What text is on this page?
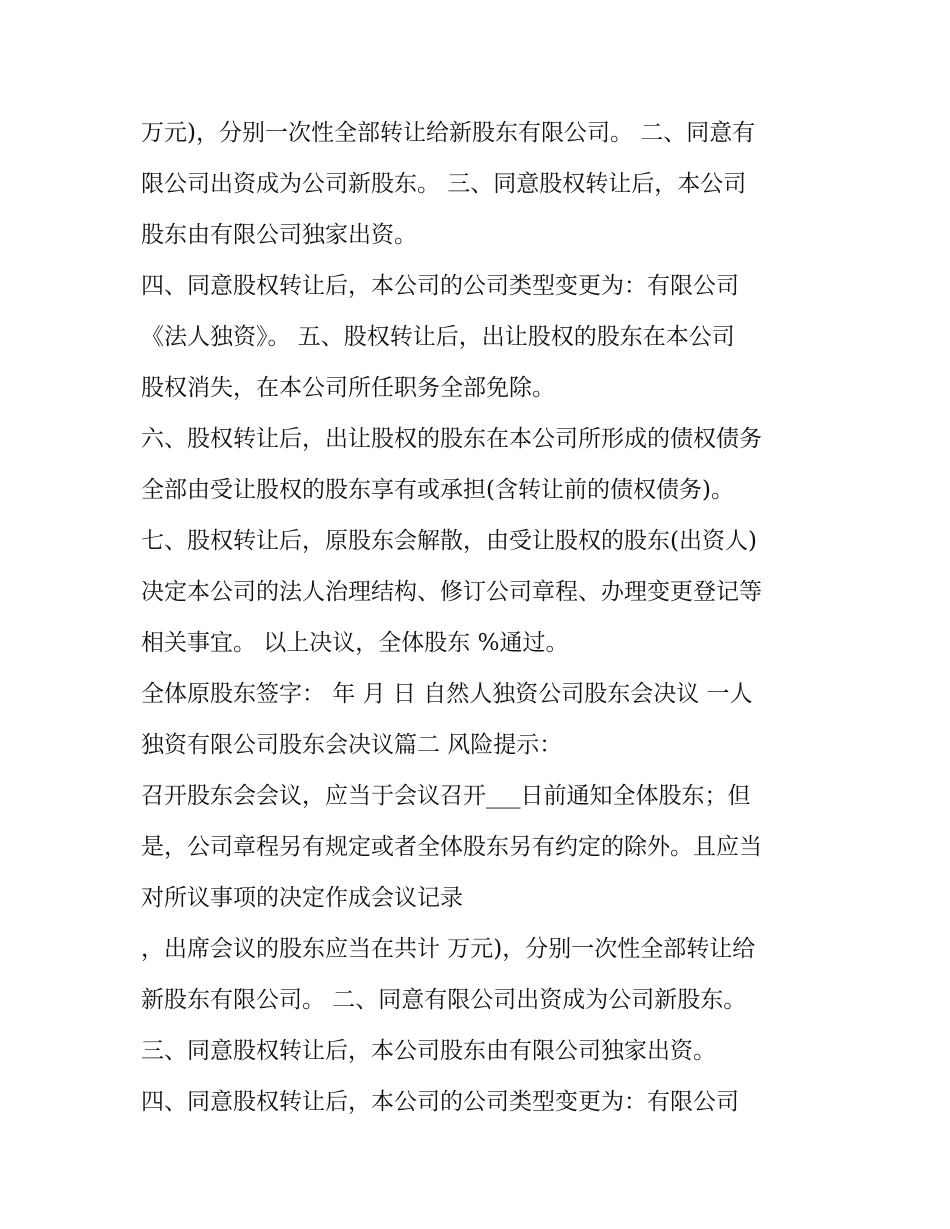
万元)，分别一次性全部转让给新股东有限公司。 二、同意有
限公司出资成为公司新股东。 三、同意股权转让后，本公司
股东由有限公司独家出资。
四、同意股权转让后，本公司的公司类型变更为：有限公司
《法人独资》。 五、股权转让后，出让股权的股东在本公司
股权消失，在本公司所任职务全部免除。
六、股权转让后，出让股权的股东在本公司所形成的债权债务
全部由受让股权的股东享有或承担(含转让前的债权债务)。
七、股权转让后，原股东会解散，由受让股权的股东(出资人)
决定本公司的法人治理结构、修订公司章程、办理变更登记等
相关事宜。 以上决议，全体股东 %通过。
全体原股东签字： 年 月 日 自然人独资公司股东会决议 一人
独资有限公司股东会决议篇二 风险提示：
召开股东会会议，应当于会议召开___日前通知全体股东；但
是，公司章程另有规定或者全体股东另有约定的除外。且应当
对所议事项的决定作成会议记录
，出席会议的股东应当在共计 万元)，分别一次性全部转让给
新股东有限公司。 二、同意有限公司出资成为公司新股东。
三、同意股权转让后，本公司股东由有限公司独家出资。
四、同意股权转让后，本公司的公司类型变更为：有限公司
